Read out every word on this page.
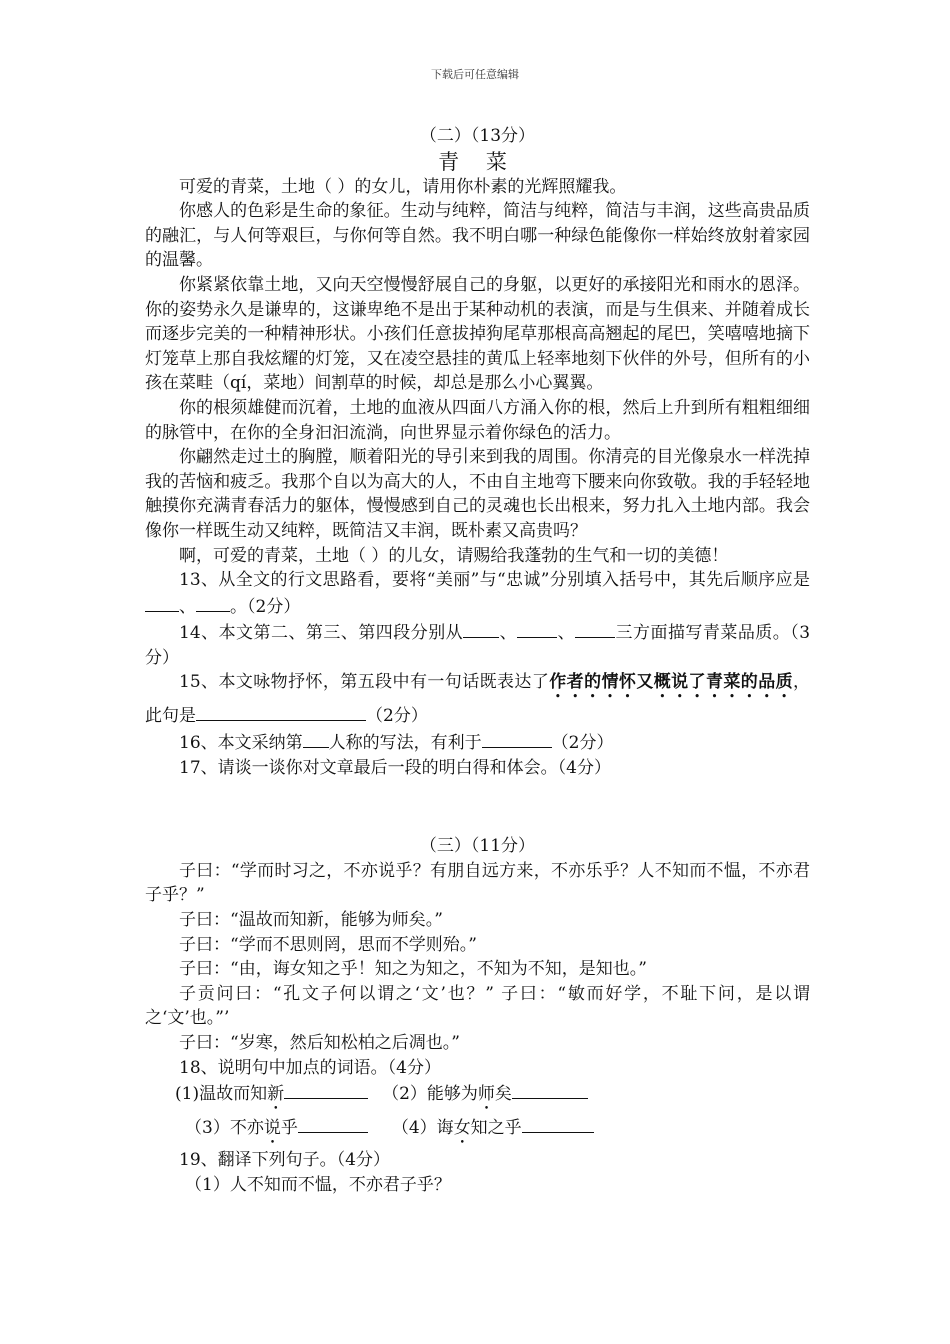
下载后可任意编辑
（二）（13分）
青 菜

可爱的青菜，土地（ ）的女儿，请用你朴素的光辉照耀我。

你感人的色彩是生命的象征。生动与纯粹，简洁与纯粹，简洁与丰润，这些高贵品质的融汇，与人何等艰巨，与你何等自然。我不明白哪一种绿色能像你一样始终放射着家园的温馨。

你紧紧依靠土地，又向天空慢慢舒展自己的身躯，以更好的承接阳光和雨水的恩泽。你的姿势永久是谦卑的，这谦卑绝不是出于某种动机的表演，而是与生俱来、并随着成长而逐步完美的一种精神形状。小孩们任意拔掉狗尾草那根高高翘起的尾巴，笑嘻嘻地摘下灯笼草上那自我炫耀的灯笼，又在凌空悬挂的黄瓜上轻率地刻下伙伴的外号，但所有的小孩在菜畦（qí，菜地）间割草的时候，却总是那么小心翼翼。

你的根须雄健而沉着，土地的血液从四面八方涌入你的根，然后上升到所有粗粗细细的脉管中，在你的全身汩汩流淌，向世界显示着你绿色的活力。

你翩然走过土的胸膛，顺着阳光的导引来到我的周围。你清亮的目光像泉水一样洗掉我的苦恼和疲乏。我那个自以为高大的人，不由自主地弯下腰来向你致敬。我的手轻轻地触摸你充满青春活力的躯体，慢慢感到自己的灵魂也长出根来，努力扎入土地内部。我会像你一样既生动又纯粹，既简洁又丰润，既朴素又高贵吗？

啊，可爱的青菜，土地（ ）的儿女，请赐给我蓬勃的生气和一切的美德！

13、从全文的行文思路看，要将“美丽”与“忠诚”分别填入括号中，其先后顺序应是、 。（2分）

14、本文第二、第三、第四段分别从 、 、 三方面描写青菜品质。（3分）

15、本文咏物抒怀，第五段中有一句话既表达了作者的情怀又概说了青菜的品质，此句是	（2分）

16、本文采纳第 人称的写法，有利于	（2分）

17、请谈一谈你对文章最后一段的明白得和体会。（4分）

（三）（11分）

子曰：“学而时习之，不亦说乎？有朋自远方来，不亦乐乎？人不知而不愠，不亦君子乎？”

子曰：“温故而知新，能够为师矣。”

子曰：“学而不思则罔，思而不学则殆。”

子曰：“由，诲女知之乎！知之为知之，不知为不知，是知也。”

子贡问曰：“孔文子何以谓之‘文’也？” 子曰：“敏而好学，不耻下问，是以谓之‘文’也。”’

子曰：“岁寒，然后知松柏之后凋也。”

18、说明句中加点的词语。（4分）

(1)温故而知新	（2）能够为师矣

（3）不亦说乎	（4）诲女知之乎

19、翻译下列句子。（4分）

（1）人不知而不愠，不亦君子乎？
